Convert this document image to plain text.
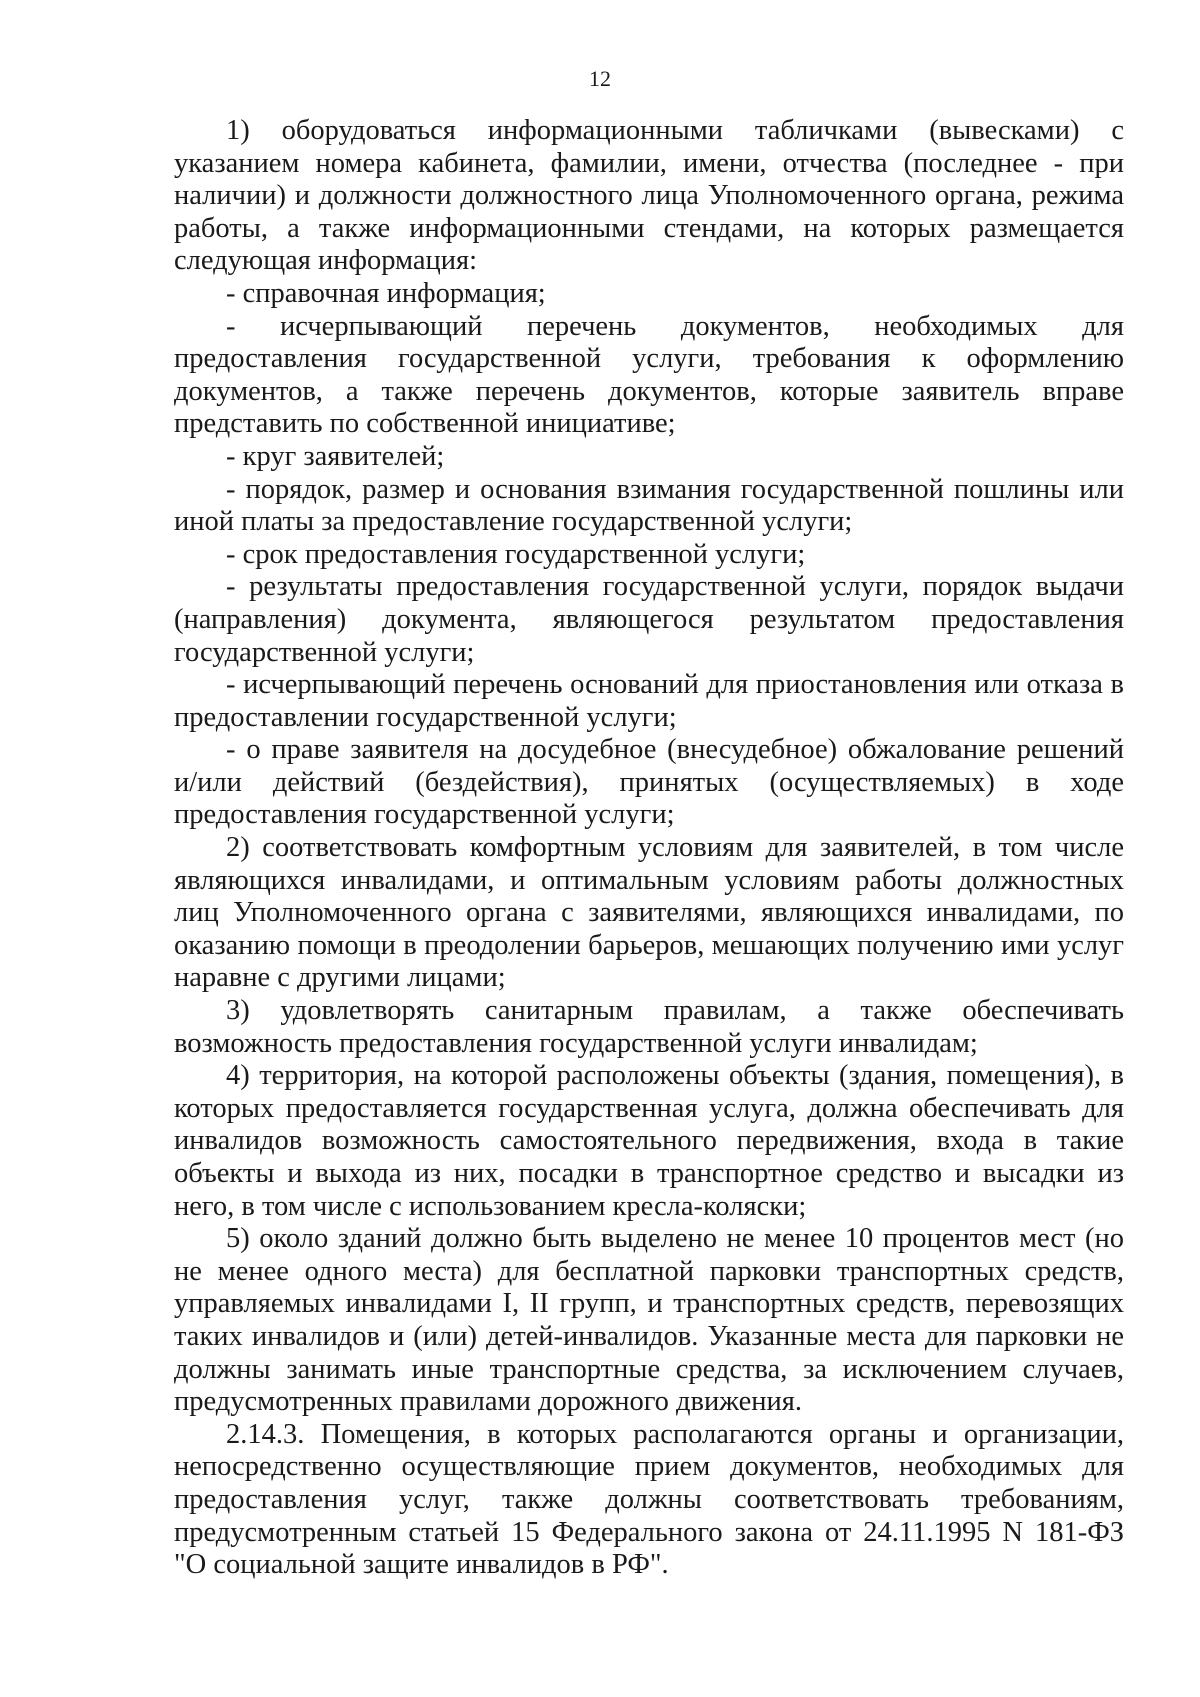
12

1) оборудоваться информационными табличками (вывесками) с указанием номера кабинета, фамилии, имени, отчества (последнее - при наличии) и должности должностного лица Уполномоченного органа, режима работы, а также информационными стендами, на которых размещается следующая информация:

- справочная информация;

- исчерпывающий перечень документов, необходимых для предоставления государственной услуги, требования к оформлению документов, а также перечень документов, которые заявитель вправе представить по собственной инициативе;

- круг заявителей;

- порядок, размер и основания взимания государственной пошлины или иной платы за предоставление государственной услуги;

- срок предоставления государственной услуги;

- результаты предоставления государственной услуги, порядок выдачи (направления) документа, являющегося результатом предоставления государственной услуги;

- исчерпывающий перечень оснований для приостановления или отказа в предоставлении государственной услуги;

- о праве заявителя на досудебное (внесудебное) обжалование решений и/или действий (бездействия), принятых (осуществляемых) в ходе предоставления государственной услуги;

2) соответствовать комфортным условиям для заявителей, в том числе являющихся инвалидами, и оптимальным условиям работы должностных лиц Уполномоченного органа с заявителями, являющихся инвалидами, по оказанию помощи в преодолении барьеров, мешающих получению ими услуг наравне с другими лицами;

3) удовлетворять санитарным правилам, а также обеспечивать возможность предоставления государственной услуги инвалидам;

4) территория, на которой расположены объекты (здания, помещения), в которых предоставляется государственная услуга, должна обеспечивать для инвалидов возможность самостоятельного передвижения, входа в такие объекты и выхода из них, посадки в транспортное средство и высадки из него, в том числе с использованием кресла-коляски;

5) около зданий должно быть выделено не менее 10 процентов мест (но не менее одного места) для бесплатной парковки транспортных средств, управляемых инвалидами I, II групп, и транспортных средств, перевозящих таких инвалидов и (или) детей-инвалидов. Указанные места для парковки не должны занимать иные транспортные средства, за исключением случаев, предусмотренных правилами дорожного движения.

2.14.3. Помещения, в которых располагаются органы и организации, непосредственно осуществляющие прием документов, необходимых для предоставления услуг, также должны соответствовать требованиям, предусмотренным статьей 15 Федерального закона от 24.11.1995 N 181-ФЗ "О социальной защите инвалидов в РФ".
